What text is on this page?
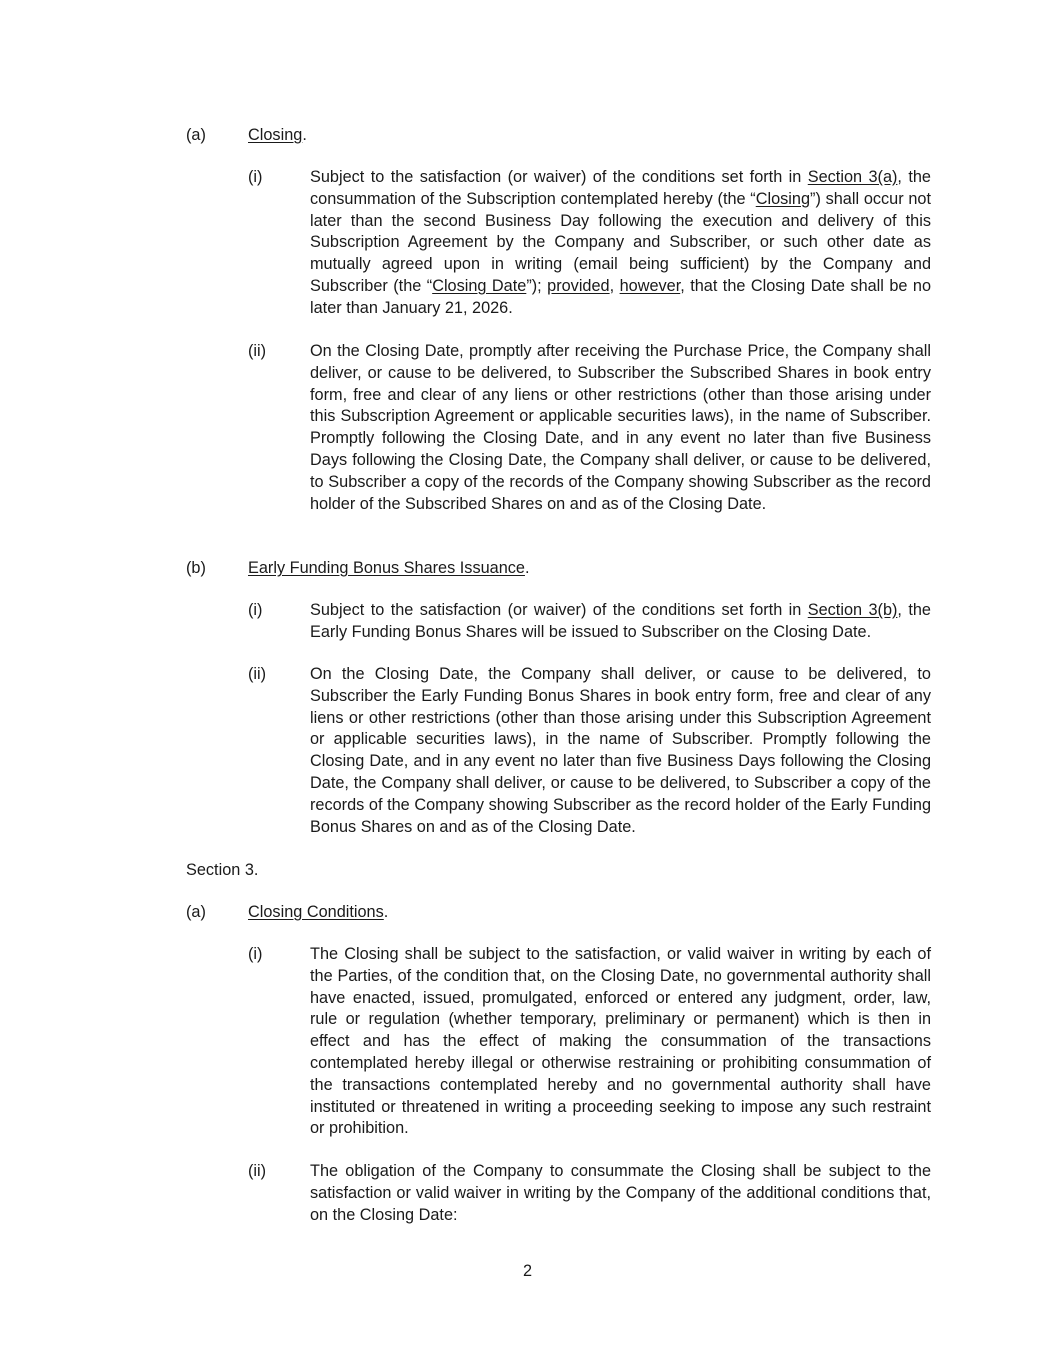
(a)	Closing.
(i)	Subject to the satisfaction (or waiver) of the conditions set forth in Section 3(a), the consummation of the Subscription contemplated hereby (the “Closing”) shall occur not later than the second Business Day following the execution and delivery of this Subscription Agreement by the Company and Subscriber, or such other date as mutually agreed upon in writing (email being sufficient) by the Company and Subscriber (the “Closing Date”); provided, however, that the Closing Date shall be no later than January 21, 2026.
(ii)	On the Closing Date, promptly after receiving the Purchase Price, the Company shall deliver, or cause to be delivered, to Subscriber the Subscribed Shares in book entry form, free and clear of any liens or other restrictions (other than those arising under this Subscription Agreement or applicable securities laws), in the name of Subscriber. Promptly following the Closing Date, and in any event no later than five Business Days following the Closing Date, the Company shall deliver, or cause to be delivered, to Subscriber a copy of the records of the Company showing Subscriber as the record holder of the Subscribed Shares on and as of the Closing Date.
(b)	Early Funding Bonus Shares Issuance.
(i)	Subject to the satisfaction (or waiver) of the conditions set forth in Section 3(b), the Early Funding Bonus Shares will be issued to Subscriber on the Closing Date.
(ii)	On the Closing Date, the Company shall deliver, or cause to be delivered, to Subscriber the Early Funding Bonus Shares in book entry form, free and clear of any liens or other restrictions (other than those arising under this Subscription Agreement or applicable securities laws), in the name of Subscriber. Promptly following the Closing Date, and in any event no later than five Business Days following the Closing Date, the Company shall deliver, or cause to be delivered, to Subscriber a copy of the records of the Company showing Subscriber as the record holder of the Early Funding Bonus Shares on and as of the Closing Date.
Section 3.
(a)	Closing Conditions.
(i)	The Closing shall be subject to the satisfaction, or valid waiver in writing by each of the Parties, of the condition that, on the Closing Date, no governmental authority shall have enacted, issued, promulgated, enforced or entered any judgment, order, law, rule or regulation (whether temporary, preliminary or permanent) which is then in effect and has the effect of making the consummation of the transactions contemplated hereby illegal or otherwise restraining or prohibiting consummation of the transactions contemplated hereby and no governmental authority shall have instituted or threatened in writing a proceeding seeking to impose any such restraint or prohibition.
(ii)	The obligation of the Company to consummate the Closing shall be subject to the satisfaction or valid waiver in writing by the Company of the additional conditions that, on the Closing Date:
2
